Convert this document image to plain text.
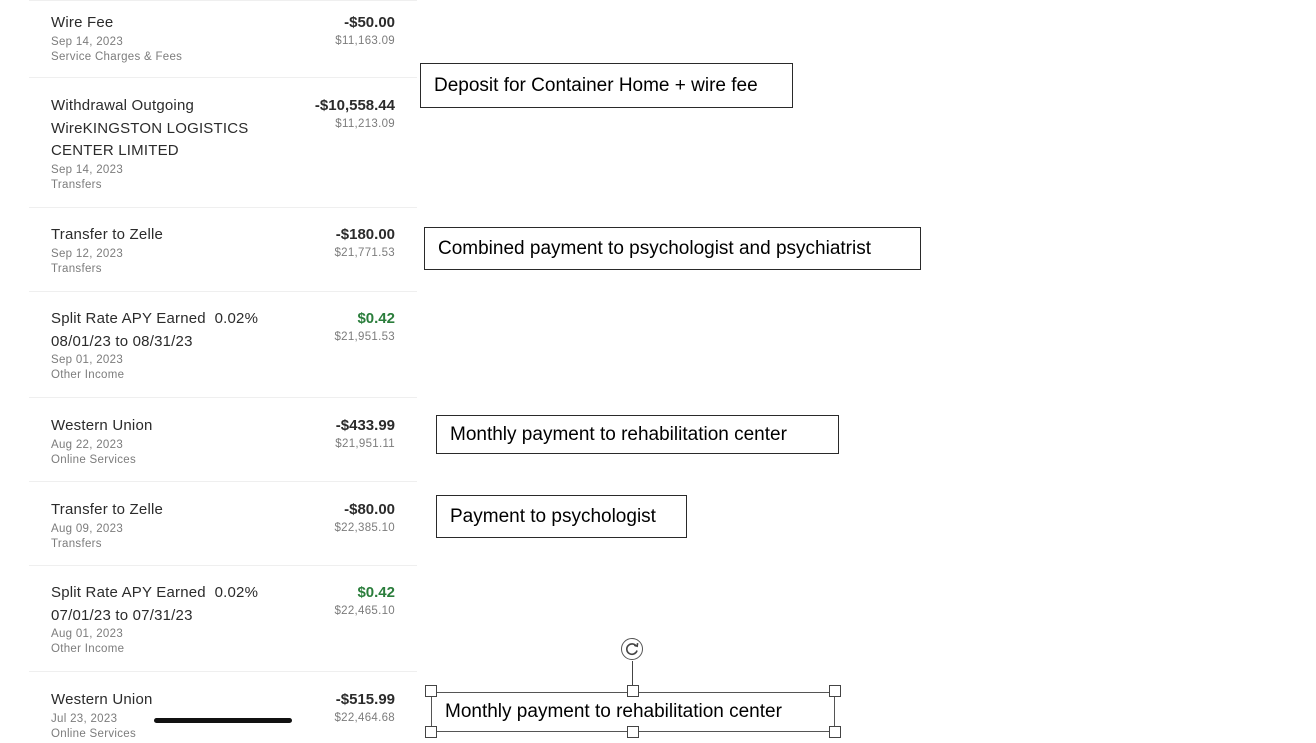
Wire Fee
Sep 14, 2023
Service Charges & Fees
-$50.00
$11,163.09
Withdrawal Outgoing
WireKINGSTON LOGISTICS
CENTER LIMITED
Sep 14, 2023
Transfers
-$10,558.44
$11,213.09
Transfer to Zelle
Sep 12, 2023
Transfers
-$180.00
$21,771.53
Split Rate APY Earned  0.02%
08/01/23 to 08/31/23
Sep 01, 2023
Other Income
$0.42
$21,951.53
Western Union
Aug 22, 2023
Online Services
-$433.99
$21,951.11
Transfer to Zelle
Aug 09, 2023
Transfers
-$80.00
$22,385.10
Split Rate APY Earned  0.02%
07/01/23 to 07/31/23
Aug 01, 2023
Other Income
$0.42
$22,465.10
Western Union
Jul 23, 2023
Online Services
-$515.99
$22,464.68
Deposit for Container Home + wire fee
Combined payment to psychologist and psychiatrist
Monthly payment to rehabilitation center
Payment to psychologist
Monthly payment to rehabilitation center
